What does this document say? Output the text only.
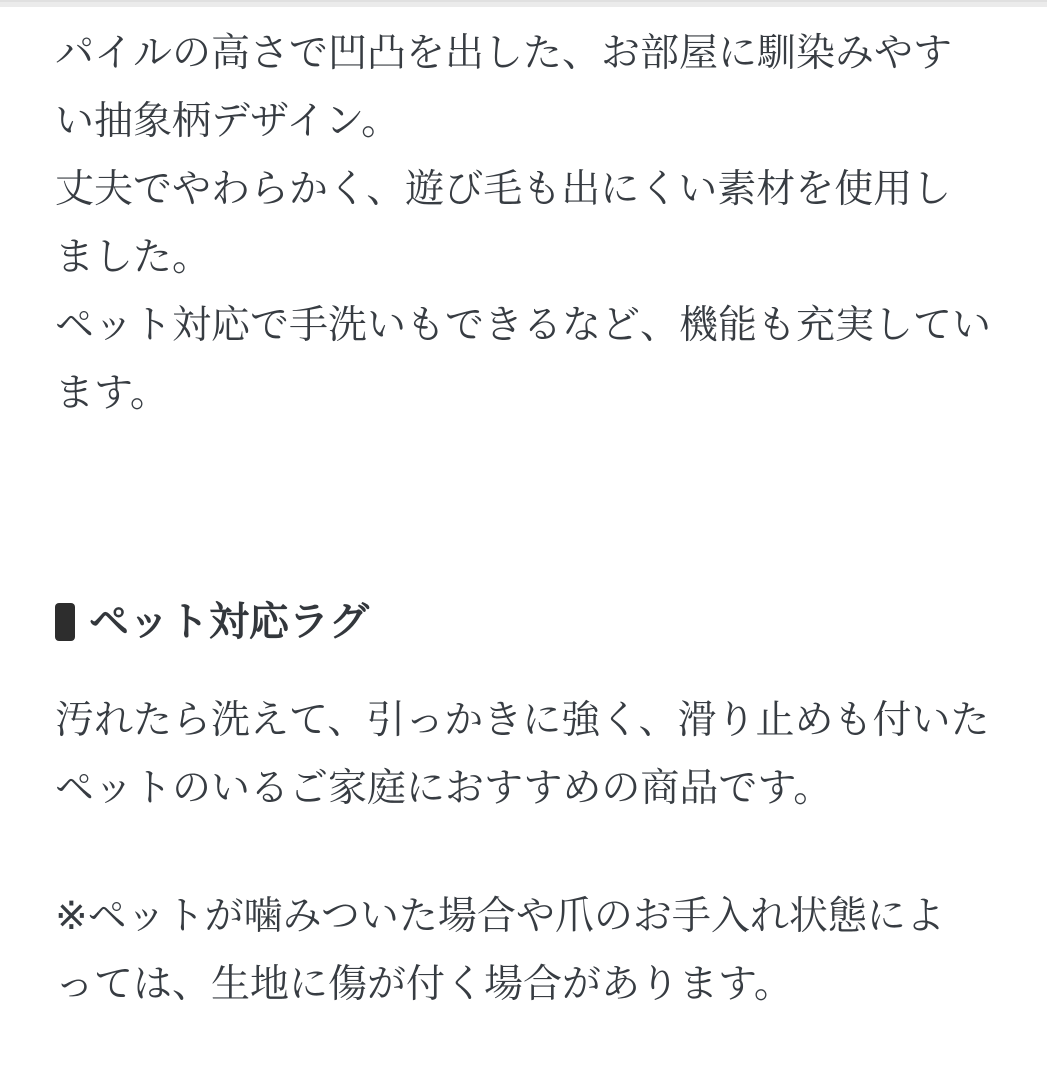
パイルの高さで凹凸を出した、お部屋に馴染みやす
い抽象柄デザイン。

丈夫でやわらかく、遊び毛も出にくい素材を使用し
ました。

ペット対応で手洗いもできるなど、機能も充実してい
ます。

ペット対応ラグ

汚れたら洗えて、引っかきに強く、滑り止めも付いた
ペットのいるご家庭におすすめの商品です。

※ペットが噛みついた場合や爪のお手入れ状態によ
っては、生地に傷が付く場合があります。
